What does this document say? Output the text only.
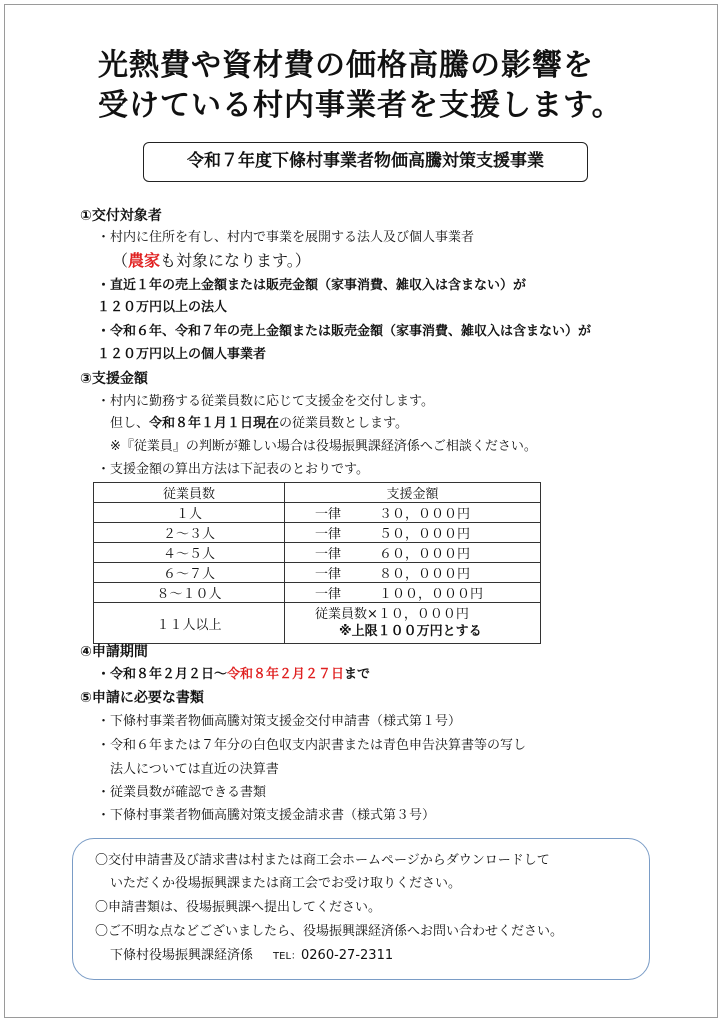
光熱費や資材費の価格高騰の影響を
受けている村内事業者を支援します。
令和７年度下條村事業者物価高騰対策支援事業
①交付対象者
・村内に住所を有し、村内で事業を展開する法人及び個人事業者
（農家も対象になります。）
・直近１年の売上金額または販売金額（家事消費、雑収入は含まない）が
１２０万円以上の法人
・令和６年、令和７年の売上金額または販売金額（家事消費、雑収入は含まない）が
１２０万円以上の個人事業者
③支援金額
・村内に勤務する従業員数に応じて支援金を交付します。
但し、令和８年１月１日現在の従業員数とします。
※『従業員』の判断が難しい場合は役場振興課経済係へご相談ください。
・支援金額の算出方法は下記表のとおりです。
従業員数	支援金額
１人	一律 ３０，０００円
２～３人	一律 ５０，０００円
４～５人	一律 ６０，０００円
６～７人	一律 ８０，０００円
８～１０人	一律 １００，０００円
１１人以上	従業員数×１０，０００円
※上限１００万円とする
④申請期間
・令和８年２月２日～令和８年２月２７日まで
⑤申請に必要な書類
・下條村事業者物価高騰対策支援金交付申請書（様式第１号）
・令和６年または７年分の白色収支内訳書または青色申告決算書等の写し
法人については直近の決算書
・従業員数が確認できる書類
・下條村事業者物価高騰対策支援金請求書（様式第３号）
〇交付申請書及び請求書は村または商工会ホームページからダウンロードして
いただくか役場振興課または商工会でお受け取りください。
〇申請書類は、役場振興課へ提出してください。
〇ご不明な点などございましたら、役場振興課経済係へお問い合わせください。
下條村役場振興課経済係 TEL：0260-27-2311
